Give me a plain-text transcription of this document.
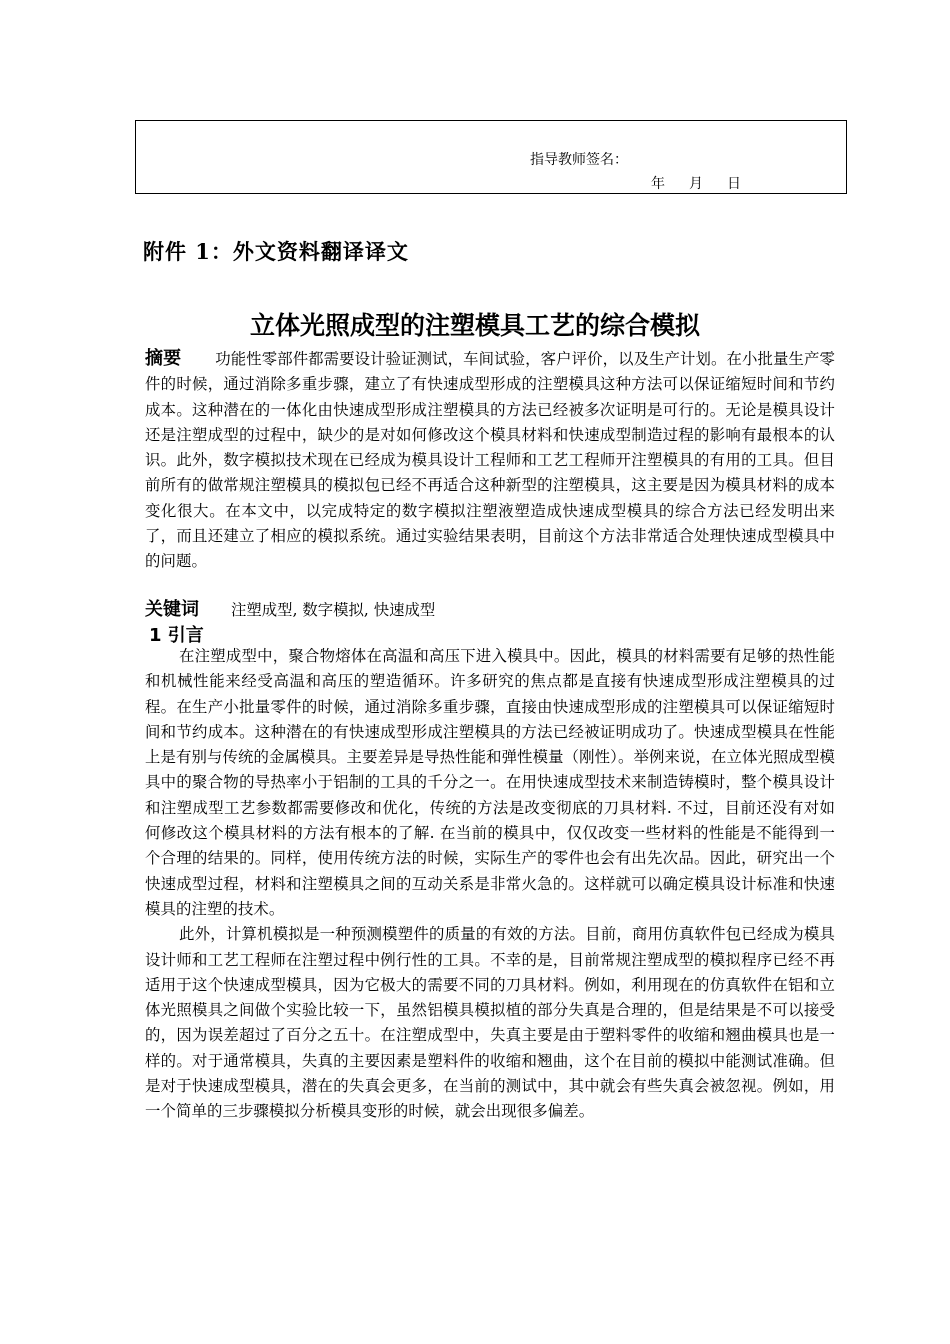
指导教师签名：
年 月 日
附件 1：外文资料翻译译文
立体光照成型的注塑模具工艺的综合模拟

摘要 功能性零部件都需要设计验证测试，车间试验，客户评价，以及生产计划。在小批量生产零件的时候，通过消除多重步骤，建立了有快速成型形成的注塑模具这种方法可以保证缩短时间和节约成本。这种潜在的一体化由快速成型形成注塑模具的方法已经被多次证明是可行的。无论是模具设计还是注塑成型的过程中，缺少的是对如何修改这个模具材料和快速成型制造过程的影响有最根本的认识。此外，数字模拟技术现在已经成为模具设计工程师和工艺工程师开注塑模具的有用的工具。但目前所有的做常规注塑模具的模拟包已经不再适合这种新型的注塑模具，这主要是因为模具材料的成本变化很大。在本文中，以完成特定的数字模拟注塑液塑造成快速成型模具的综合方法已经发明出来了，而且还建立了相应的模拟系统。通过实验结果表明，目前这个方法非常适合处理快速成型模具中的问题。

关键词 注塑成型, 数字模拟, 快速成型
1 引言

在注塑成型中，聚合物熔体在高温和高压下进入模具中。因此，模具的材料需要有足够的热性能和机械性能来经受高温和高压的塑造循环。许多研究的焦点都是直接有快速成型形成注塑模具的过程。在生产小批量零件的时候，通过消除多重步骤，直接由快速成型形成的注塑模具可以保证缩短时间和节约成本。这种潜在的有快速成型形成注塑模具的方法已经被证明成功了。快速成型模具在性能上是有别与传统的金属模具。主要差异是导热性能和弹性模量（刚性）。举例来说，在立体光照成型模具中的聚合物的导热率小于铝制的工具的千分之一。在用快速成型技术来制造铸模时，整个模具设计和注塑成型工艺参数都需要修改和优化，传统的方法是改变彻底的刀具材料. 不过，目前还没有对如何修改这个模具材料的方法有根本的了解. 在当前的模具中，仅仅改变一些材料的性能是不能得到一个合理的结果的。同样，使用传统方法的时候，实际生产的零件也会有出先次品。因此，研究出一个快速成型过程，材料和注塑模具之间的互动关系是非常火急的。这样就可以确定模具设计标准和快速模具的注塑的技术。

此外，计算机模拟是一种预测模塑件的质量的有效的方法。目前，商用仿真软件包已经成为模具设计师和工艺工程师在注塑过程中例行性的工具。不幸的是，目前常规注塑成型的模拟程序已经不再适用于这个快速成型模具，因为它极大的需要不同的刀具材料。例如，利用现在的仿真软件在铝和立体光照模具之间做个实验比较一下，虽然铝模具模拟植的部分失真是合理的，但是结果是不可以接受的，因为误差超过了百分之五十。在注塑成型中，失真主要是由于塑料零件的收缩和翘曲模具也是一样的。对于通常模具，失真的主要因素是塑料件的收缩和翘曲，这个在目前的模拟中能测试准确。但是对于快速成型模具，潜在的失真会更多，在当前的测试中，其中就会有些失真会被忽视。例如，用一个简单的三步骤模拟分析模具变形的时候，就会出现很多偏差。
